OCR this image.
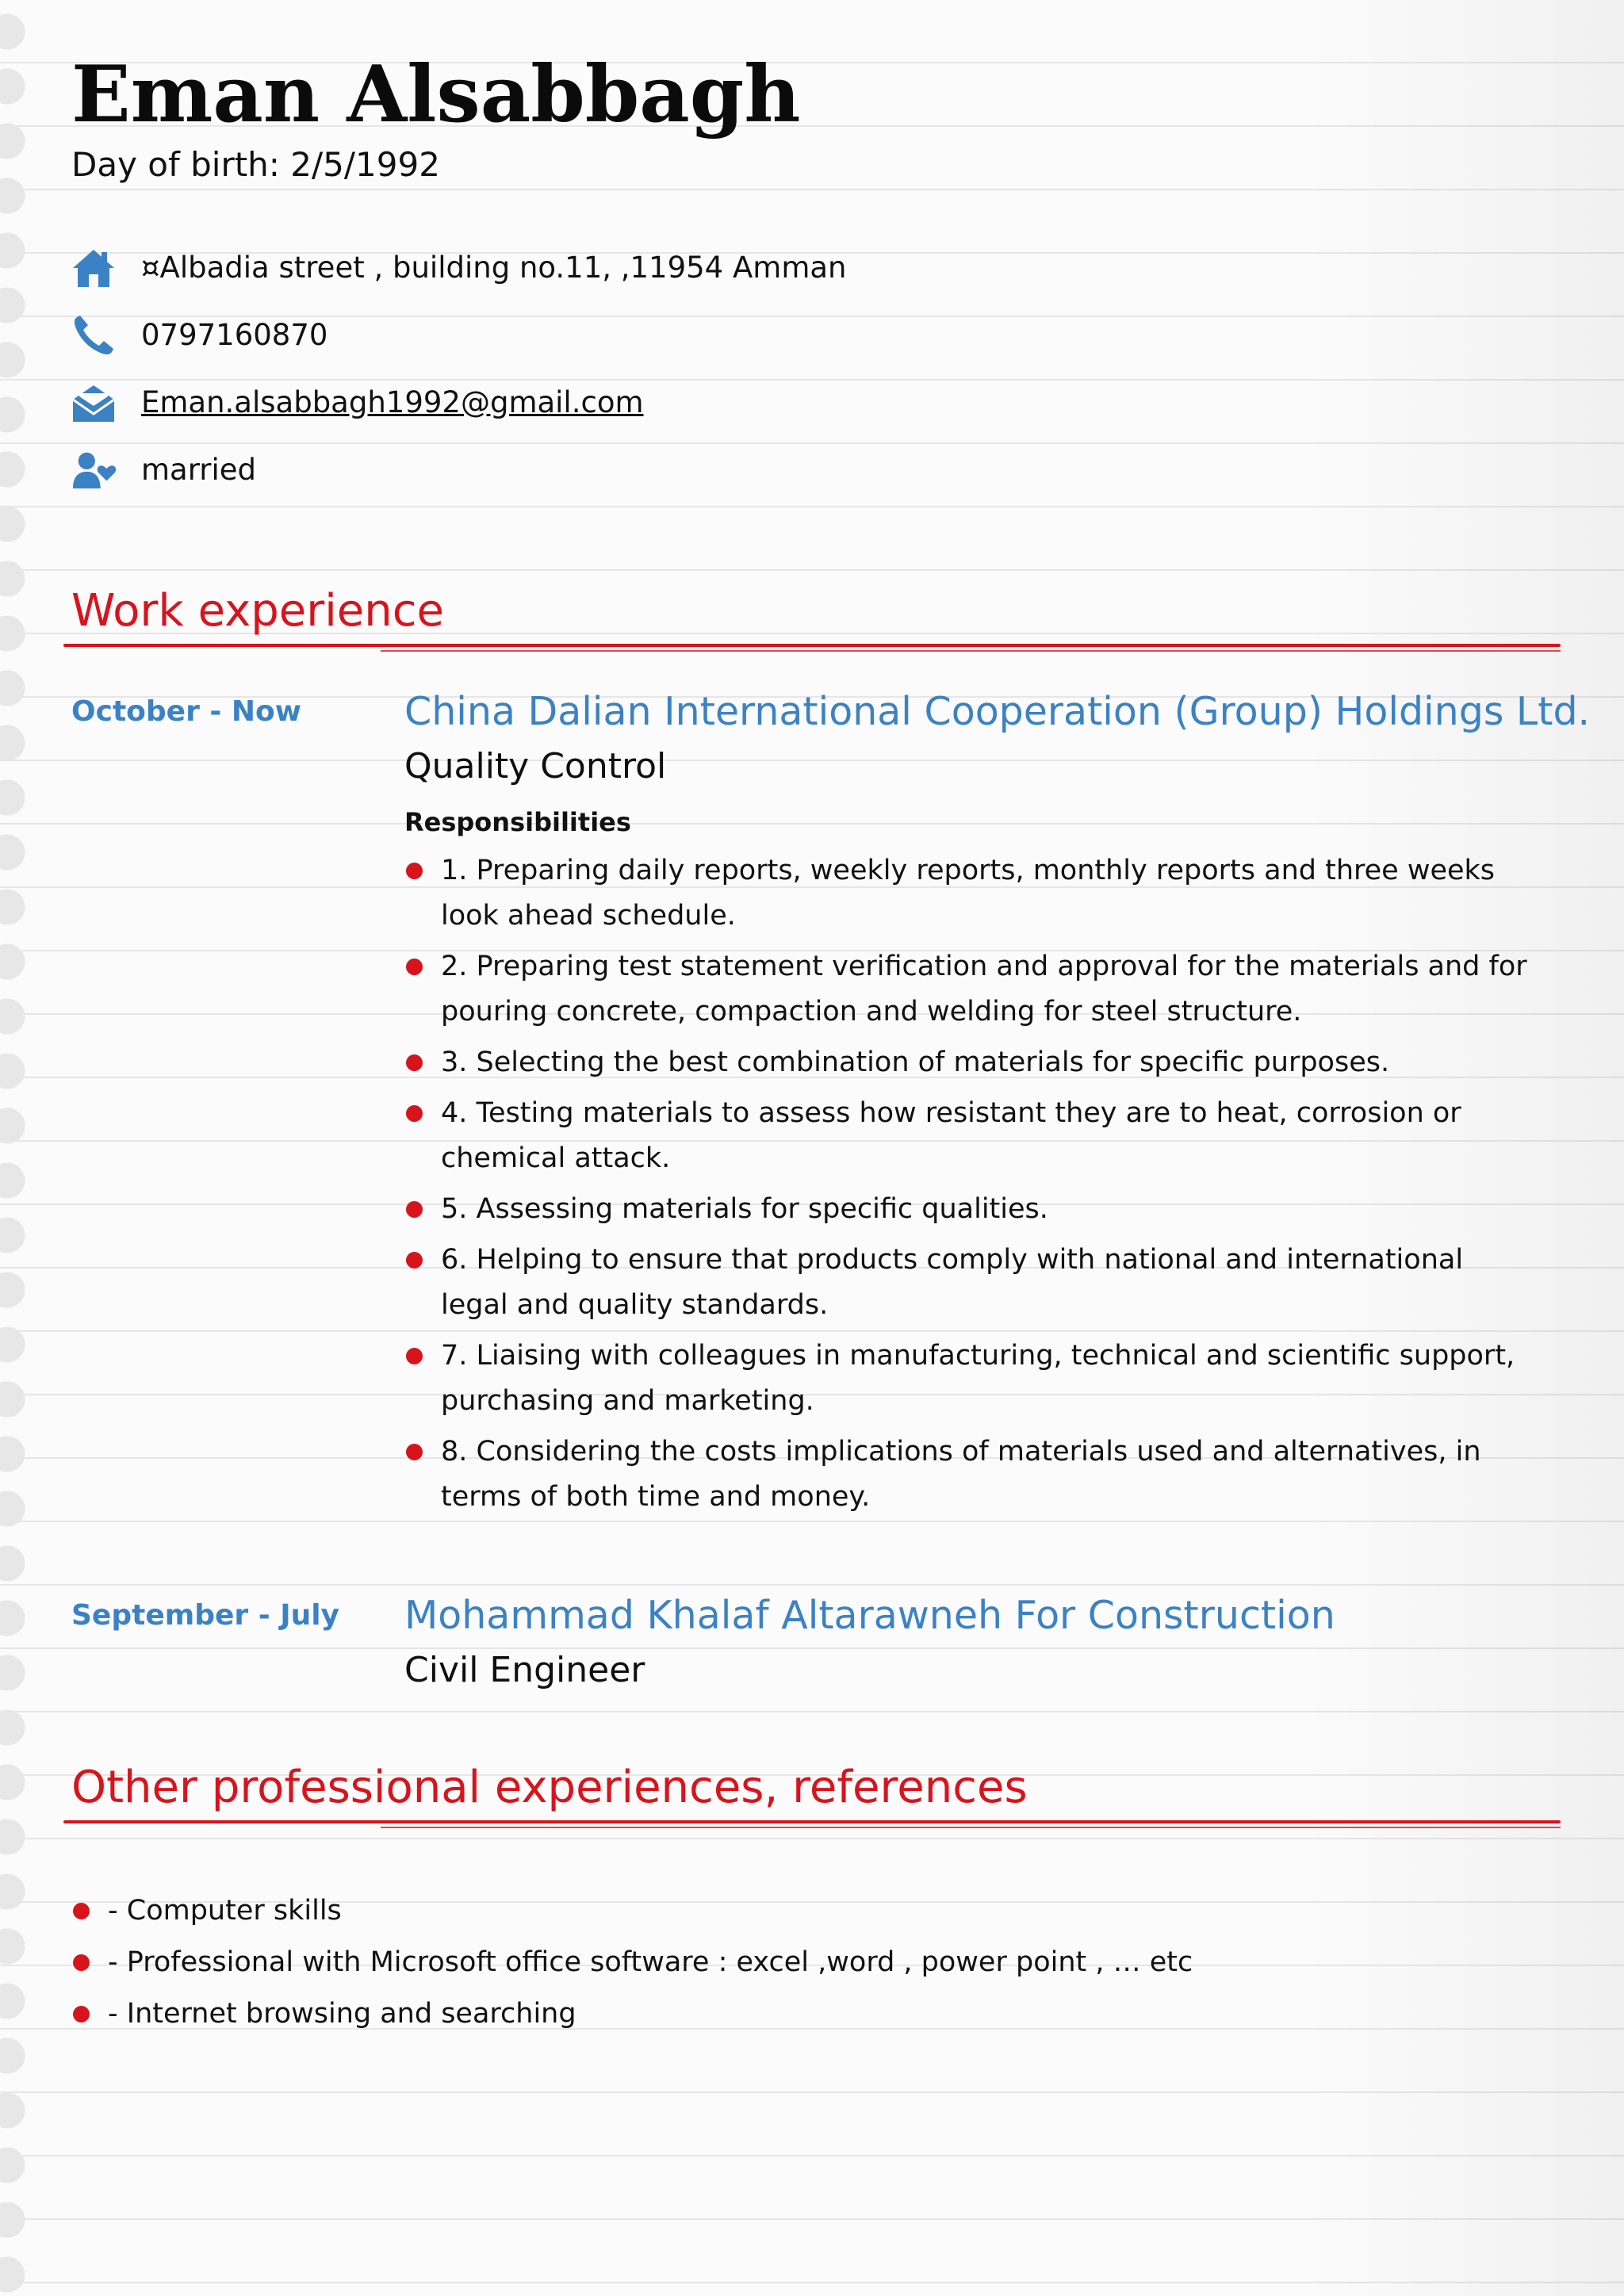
Eman Alsabbagh
Day of birth: 2/5/1992
¤Albadia street , building no.11, ,11954 Amman
0797160870
Eman.alsabbagh1992@gmail.com
married
Work experience
October - Now	China Dalian International Cooperation (Group) Holdings Ltd.
Quality Control
Responsibilities
1. Preparing daily reports, weekly reports, monthly reports and three weeks look ahead schedule.
2. Preparing test statement verification and approval for the materials and for pouring concrete, compaction and welding for steel structure.
3. Selecting the best combination of materials for specific purposes.
4. Testing materials to assess how resistant they are to heat, corrosion or chemical attack.
5. Assessing materials for specific qualities.
6. Helping to ensure that products comply with national and international legal and quality standards.
7. Liaising with colleagues in manufacturing, technical and scientific support, purchasing and marketing.
8. Considering the costs implications of materials used and alternatives, in terms of both time and money.
September - July Mohammad Khalaf Altarawneh For Construction
Civil Engineer
Other professional experiences, references
- Computer skills
- Professional with Microsoft office software : excel ,word , power point , … etc
- Internet browsing and searching
